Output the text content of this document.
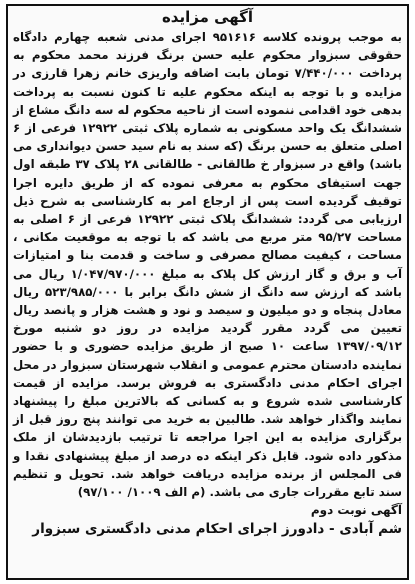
آگهی مزایده

به موجب پرونده کلاسه ۹۵۱۶۱۶ اجرای مدنی شعبه چهارم دادگاه حقوقی سبزوار محکوم علیه حسن برنگ فرزند محمد محکوم به پرداخت ۷/۴۴۰/۰۰۰ تومان بابت اضافه واریزی خانم زهرا قارزی در مزایده و با توجه به اینکه محکوم علیه تا کنون نسبت به پرداخت بدهی خود اقدامی ننموده است از ناحیه محکوم له سه دانگ مشاع از ششدانگ یک واحد مسکونی به شماره پلاک ثبتی ۱۲۹۲۲ فرعی از ۶ اصلی متعلق به حسن برنگ (که سند به نام سید حسن دیوانداری می باشد) واقع در سبزوار خ طالقانی - طالقانی ۲۸ پلاک ۳۷ طبقه اول جهت استیفای محکوم به معرفی نموده که از طریق دایره اجرا توقیف گردیده است پس از ارجاع امر به کارشناسی به شرح ذیل ارزیابی می گردد: ششدانگ پلاک ثبتی ۱۲۹۲۲ فرعی از ۶ اصلی به مساحت ۹۵/۲۷ متر مربع می باشد که با توجه به موقعیت مکانی ، مساحت ، کیفیت مصالح مصرفی و ساخت و قدمت بنا و امتیازات آب و برق و گاز ارزش کل پلاک به مبلغ ۱/۰۴۷/۹۷۰/۰۰۰ ریال می باشد که ارزش سه دانگ از شش دانگ برابر با ۵۲۳/۹۸۵/۰۰۰ ریال معادل پنجاه و دو میلیون و سیصد و نود و هشت هزار و پانصد ریال تعیین می گردد مقرر گردید مزایده در روز دو شنبه مورخ ۱۳۹۷/۰۹/۱۲ ساعت ۱۰ صبح از طریق مزایده حضوری و با حضور نماینده دادستان محترم عمومی و انقلاب شهرستان سبزوار در محل اجرای احکام مدنی دادگستری به فروش برسد. مزایده از قیمت کارشناسی شده شروع و به کسانی که بالاترین مبلغ را پیشنهاد نمایند واگذار خواهد شد. طالبین به خرید می توانند پنج روز قبل از برگزاری مزایده به این اجرا مراجعه تا ترتیب بازدیدشان از ملک مذکور داده شود. قابل ذکر اینکه ده درصد از مبلغ پیشنهادی نقدا و فی المجلس از برنده مزایده دریافت خواهد شد. تحویل و تنظیم سند تابع مقررات جاری می باشد. (م الف ۱۰۰۹/ ۹۷/۱۰۰)

آگهی نوبت دوم
شم آبادی - دادورز اجرای احکام مدنی دادگستری سبزوار
